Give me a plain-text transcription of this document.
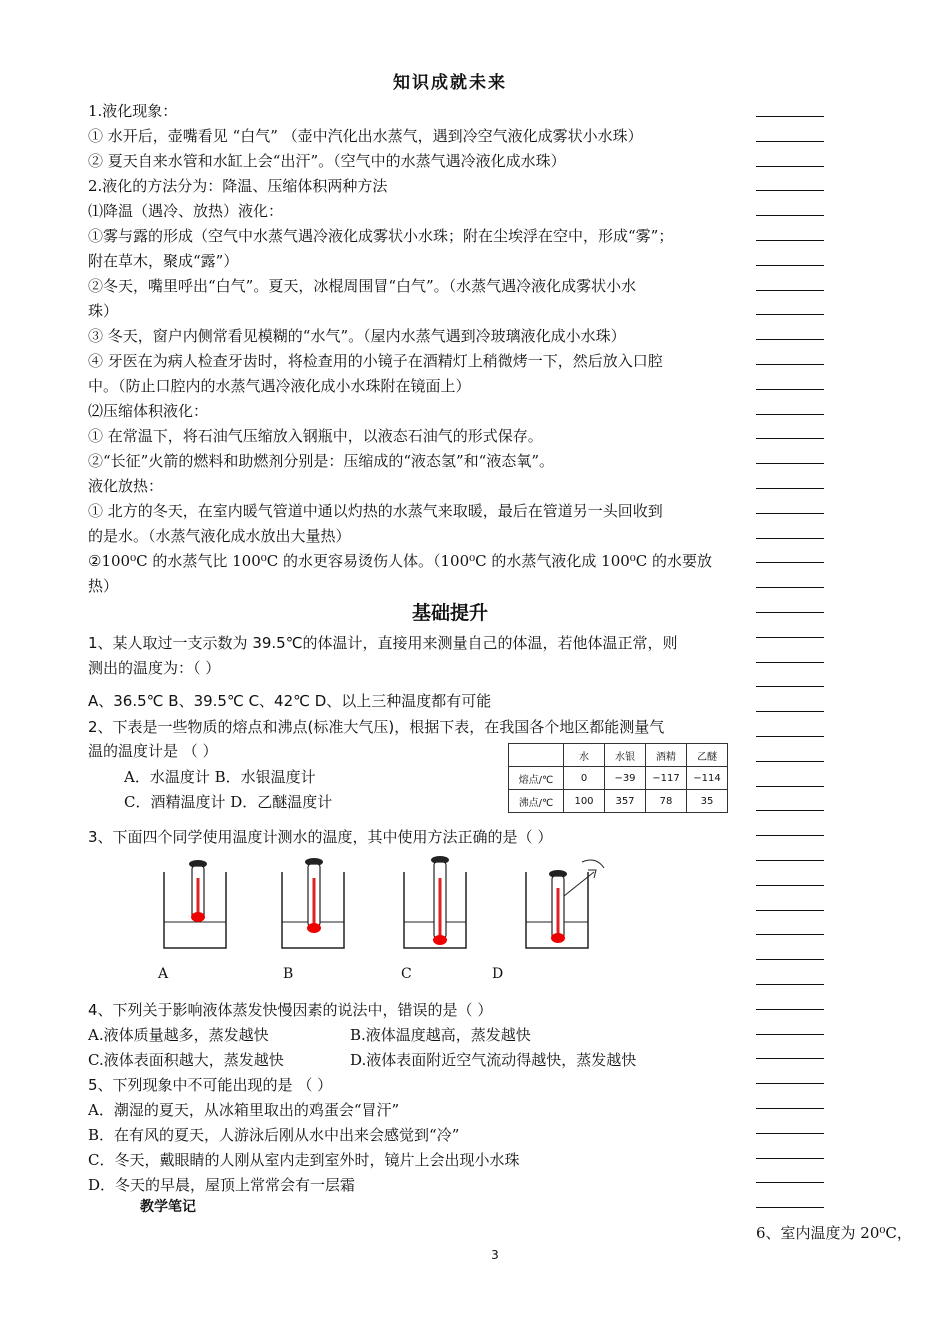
知识成就未来
1.液化现象：
① 水开后，壶嘴看见 “白气” （壶中汽化出水蒸气，遇到冷空气液化成雾状小水珠）
② 夏天自来水管和水缸上会“出汗”。（空气中的水蒸气遇冷液化成水珠）
2.液化的方法分为：降温、压缩体积两种方法
⑴降温（遇冷、放热）液化：
①雾与露的形成（空气中水蒸气遇冷液化成雾状小水珠；附在尘埃浮在空中，形成“雾”；
附在草木，聚成“露”）
②冬天，嘴里呼出“白气”。夏天，冰棍周围冒“白气”。（水蒸气遇冷液化成雾状小水
珠）
③ 冬天，窗户内侧常看见模糊的“水气”。（屋内水蒸气遇到冷玻璃液化成小水珠）
④ 牙医在为病人检查牙齿时，将检查用的小镜子在酒精灯上稍微烤一下，然后放入口腔
中。（防止口腔内的水蒸气遇冷液化成小水珠附在镜面上）
⑵压缩体积液化：
① 在常温下，将石油气压缩放入钢瓶中，以液态石油气的形式保存。
②“长征”火箭的燃料和助燃剂分别是：压缩成的“液态氢”和“液态氧”。
液化放热：
① 北方的冬天，在室内暖气管道中通以灼热的水蒸气来取暖，最后在管道另一头回收到
的是水。（水蒸气液化成水放出大量热）
②100⁰C 的水蒸气比 100⁰C 的水更容易烫伤人体。（100⁰C 的水蒸气液化成 100⁰C 的水要放
热）
基础提升
1、某人取过一支示数为 39.5℃的体温计，直接用来测量自己的体温，若他体温正常，则
测出的温度为：（ ）
A、36.5℃ B、39.5℃ C、42℃ D、以上三种温度都有可能
2、下表是一些物质的熔点和沸点(标准大气压)，根据下表，在我国各个地区都能测量气
温的温度计是 （ ）
A．水温度计 B．水银温度计
C．酒精温度计 D．乙醚温度计
3、下面四个同学使用温度计测水的温度，其中使用方法正确的是（ ）
4、下列关于影响液体蒸发快慢因素的说法中，错误的是（ ）
A.液体质量越多，蒸发越快	B.液体温度越高，蒸发越快
C.液体表面积越大，蒸发越快	D.液体表面附近空气流动得越快，蒸发越快
5、下列现象中不可能出现的是 （ ）
A．潮湿的夏天，从冰箱里取出的鸡蛋会“冒汗”
B．在有风的夏天，人游泳后刚从水中出来会感觉到“冷”
C．冬天，戴眼睛的人刚从室内走到室外时，镜片上会出现小水珠
D．冬天的早晨，屋顶上常常会有一层霜
	水	水银	酒精	乙醚
熔点/℃	0	−39	−117	−114
沸点/℃	100	357	78	35
A	B	C	D
教学笔记
6、室内温度为 20⁰C，
3
